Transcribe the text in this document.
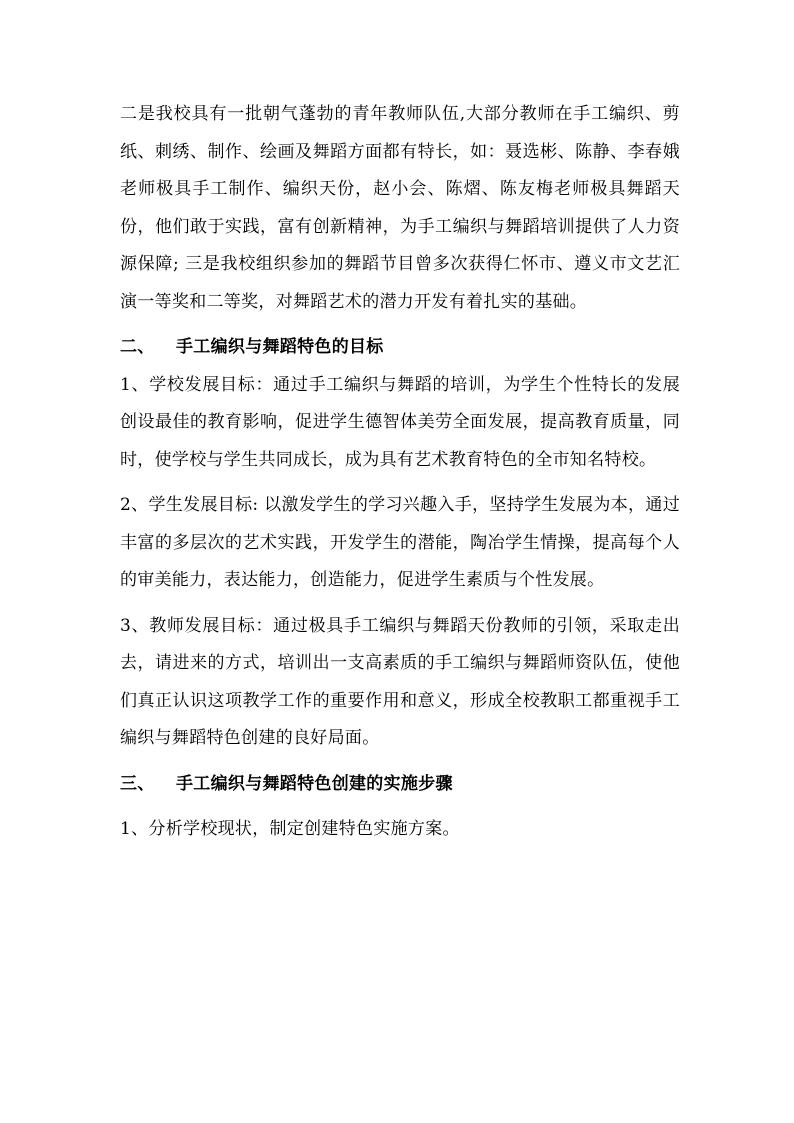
二是我校具有一批朝气蓬勃的青年教师队伍,大部分教师在手工编织、剪纸、刺绣、制作、绘画及舞蹈方面都有特长，如：聂选彬、陈静、李春娥老师极具手工制作、编织天份，赵小会、陈熠、陈友梅老师极具舞蹈天份，他们敢于实践，富有创新精神，为手工编织与舞蹈培训提供了人力资源保障; 三是我校组织参加的舞蹈节目曾多次获得仁怀市、遵义市文艺汇演一等奖和二等奖，对舞蹈艺术的潜力开发有着扎实的基础。

二、 手工编织与舞蹈特色的目标

1、学校发展目标：通过手工编织与舞蹈的培训，为学生个性特长的发展创设最佳的教育影响，促进学生德智体美劳全面发展，提高教育质量，同时，使学校与学生共同成长，成为具有艺术教育特色的全市知名特校。

2、学生发展目标: 以激发学生的学习兴趣入手，坚持学生发展为本，通过丰富的多层次的艺术实践，开发学生的潜能，陶冶学生情操，提高每个人的审美能力，表达能力，创造能力，促进学生素质与个性发展。

3、教师发展目标：通过极具手工编织与舞蹈天份教师的引领，采取走出去，请进来的方式，培训出一支高素质的手工编织与舞蹈师资队伍，使他们真正认识这项教学工作的重要作用和意义，形成全校教职工都重视手工编织与舞蹈特色创建的良好局面。

三、 手工编织与舞蹈特色创建的实施步骤

1、分析学校现状，制定创建特色实施方案。
